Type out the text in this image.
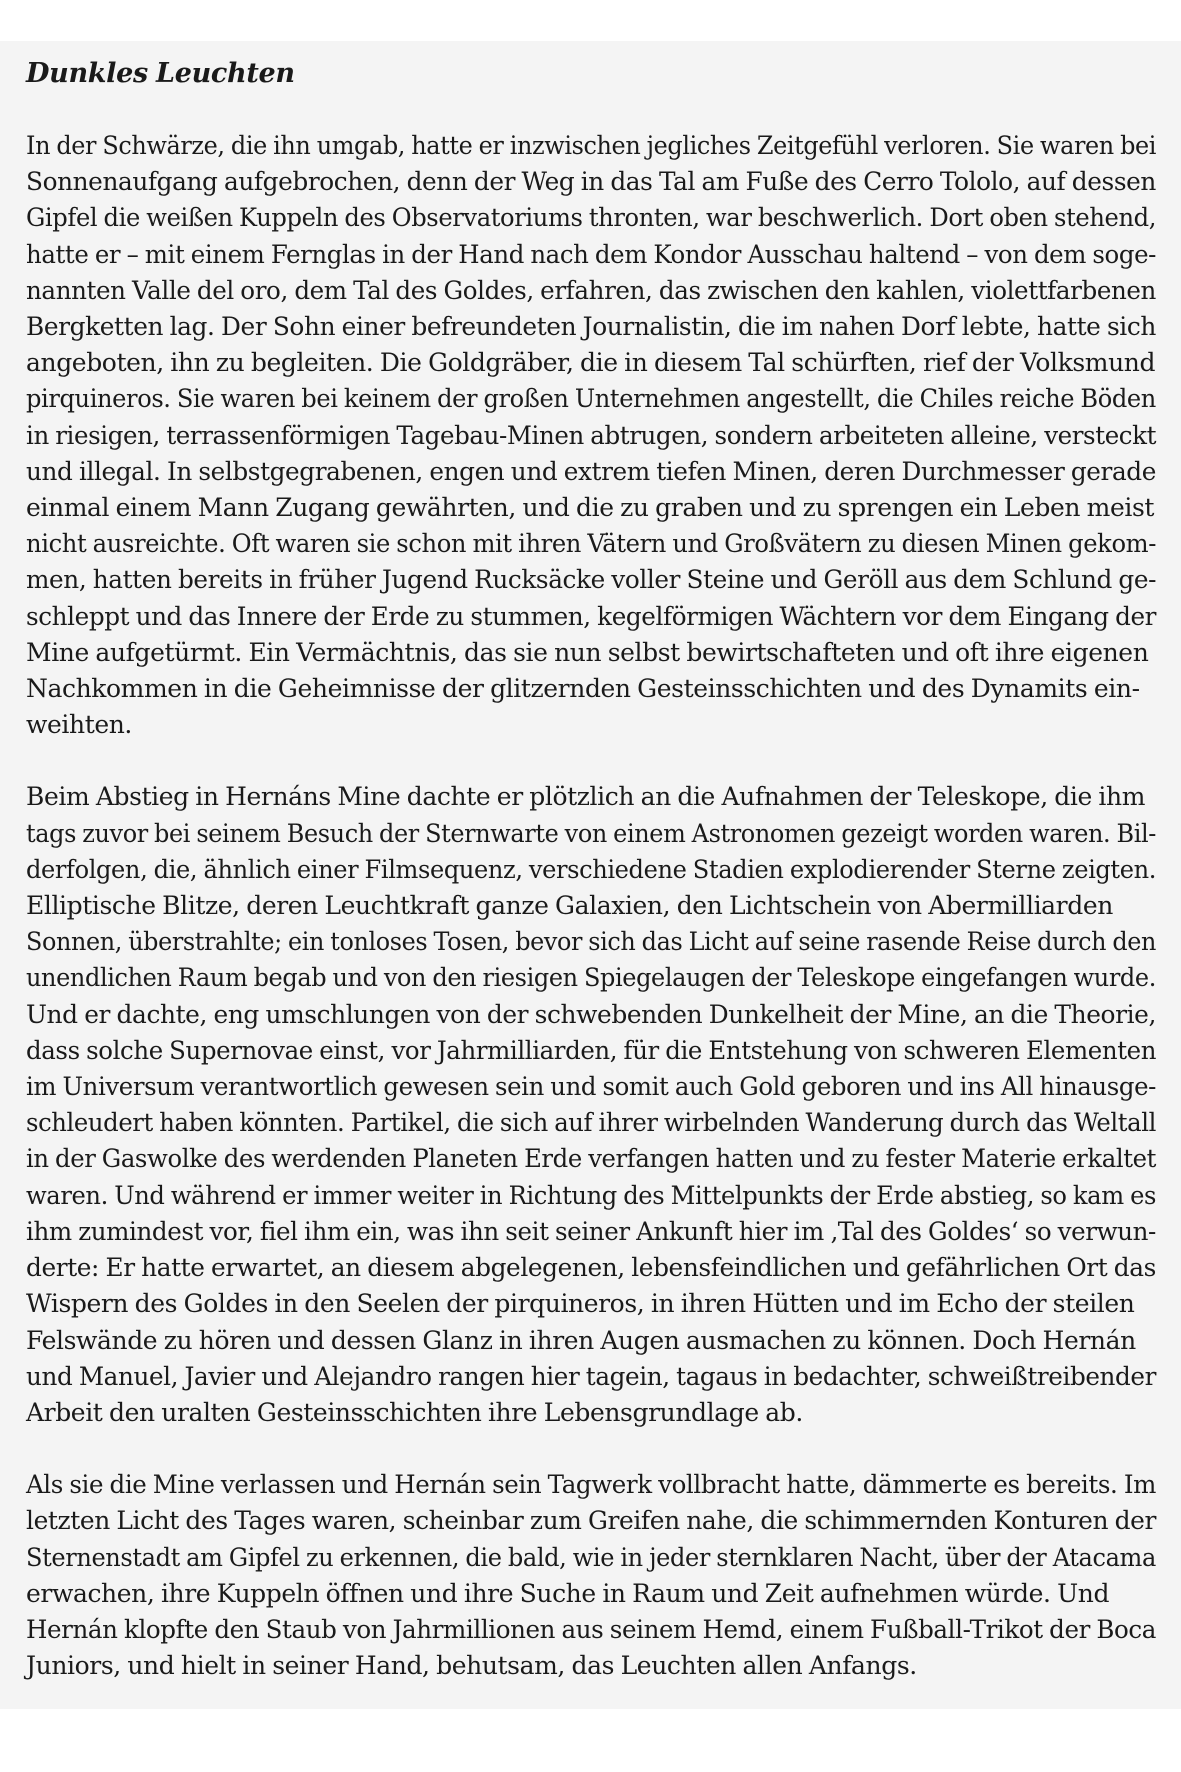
Dunkles Leuchten

In der Schwärze, die ihn umgab, hatte er inzwischen jegliches Zeitgefühl verloren. Sie waren bei
Sonnenaufgang aufgebrochen, denn der Weg in das Tal am Fuße des Cerro Tololo, auf dessen
Gipfel die weißen Kuppeln des Observatoriums thronten, war beschwerlich. Dort oben stehend,
hatte er – mit einem Fernglas in der Hand nach dem Kondor Ausschau haltend – von dem soge-
nannten Valle del oro, dem Tal des Goldes, erfahren, das zwischen den kahlen, violettfarbenen
Bergketten lag. Der Sohn einer befreundeten Journalistin, die im nahen Dorf lebte, hatte sich
angeboten, ihn zu begleiten. Die Goldgräber, die in diesem Tal schürften, rief der Volksmund
pirquineros. Sie waren bei keinem der großen Unternehmen angestellt, die Chiles reiche Böden
in riesigen, terrassenförmigen Tagebau-Minen abtrugen, sondern arbeiteten alleine, versteckt
und illegal. In selbstgegrabenen, engen und extrem tiefen Minen, deren Durchmesser gerade
einmal einem Mann Zugang gewährten, und die zu graben und zu sprengen ein Leben meist
nicht ausreichte. Oft waren sie schon mit ihren Vätern und Großvätern zu diesen Minen gekom-
men, hatten bereits in früher Jugend Rucksäcke voller Steine und Geröll aus dem Schlund ge-
schleppt und das Innere der Erde zu stummen, kegelförmigen Wächtern vor dem Eingang der
Mine aufgetürmt. Ein Vermächtnis, das sie nun selbst bewirtschafteten und oft ihre eigenen
Nachkommen in die Geheimnisse der glitzernden Gesteinsschichten und des Dynamits ein-
weihten.

Beim Abstieg in Hernáns Mine dachte er plötzlich an die Aufnahmen der Teleskope, die ihm
tags zuvor bei seinem Besuch der Sternwarte von einem Astronomen gezeigt worden waren. Bil-
derfolgen, die, ähnlich einer Filmsequenz, verschiedene Stadien explodierender Sterne zeigten.
Elliptische Blitze, deren Leuchtkraft ganze Galaxien, den Lichtschein von Abermilliarden
Sonnen, überstrahlte; ein tonloses Tosen, bevor sich das Licht auf seine rasende Reise durch den
unendlichen Raum begab und von den riesigen Spiegelaugen der Teleskope eingefangen wurde.
Und er dachte, eng umschlungen von der schwebenden Dunkelheit der Mine, an die Theorie,
dass solche Supernovae einst, vor Jahrmilliarden, für die Entstehung von schweren Elementen
im Universum verantwortlich gewesen sein und somit auch Gold geboren und ins All hinausge-
schleudert haben könnten. Partikel, die sich auf ihrer wirbelnden Wanderung durch das Weltall
in der Gaswolke des werdenden Planeten Erde verfangen hatten und zu fester Materie erkaltet
waren. Und während er immer weiter in Richtung des Mittelpunkts der Erde abstieg, so kam es
ihm zumindest vor, fiel ihm ein, was ihn seit seiner Ankunft hier im ‚Tal des Goldes‘ so verwun-
derte: Er hatte erwartet, an diesem abgelegenen, lebensfeindlichen und gefährlichen Ort das
Wispern des Goldes in den Seelen der pirquineros, in ihren Hütten und im Echo der steilen
Felswände zu hören und dessen Glanz in ihren Augen ausmachen zu können. Doch Hernán
und Manuel, Javier und Alejandro rangen hier tagein, tagaus in bedachter, schweißtreibender
Arbeit den uralten Gesteinsschichten ihre Lebensgrundlage ab.

Als sie die Mine verlassen und Hernán sein Tagwerk vollbracht hatte, dämmerte es bereits. Im
letzten Licht des Tages waren, scheinbar zum Greifen nahe, die schimmernden Konturen der
Sternenstadt am Gipfel zu erkennen, die bald, wie in jeder sternklaren Nacht, über der Atacama
erwachen, ihre Kuppeln öffnen und ihre Suche in Raum und Zeit aufnehmen würde. Und
Hernán klopfte den Staub von Jahrmillionen aus seinem Hemd, einem Fußball-Trikot der Boca
Juniors, und hielt in seiner Hand, behutsam, das Leuchten allen Anfangs.
